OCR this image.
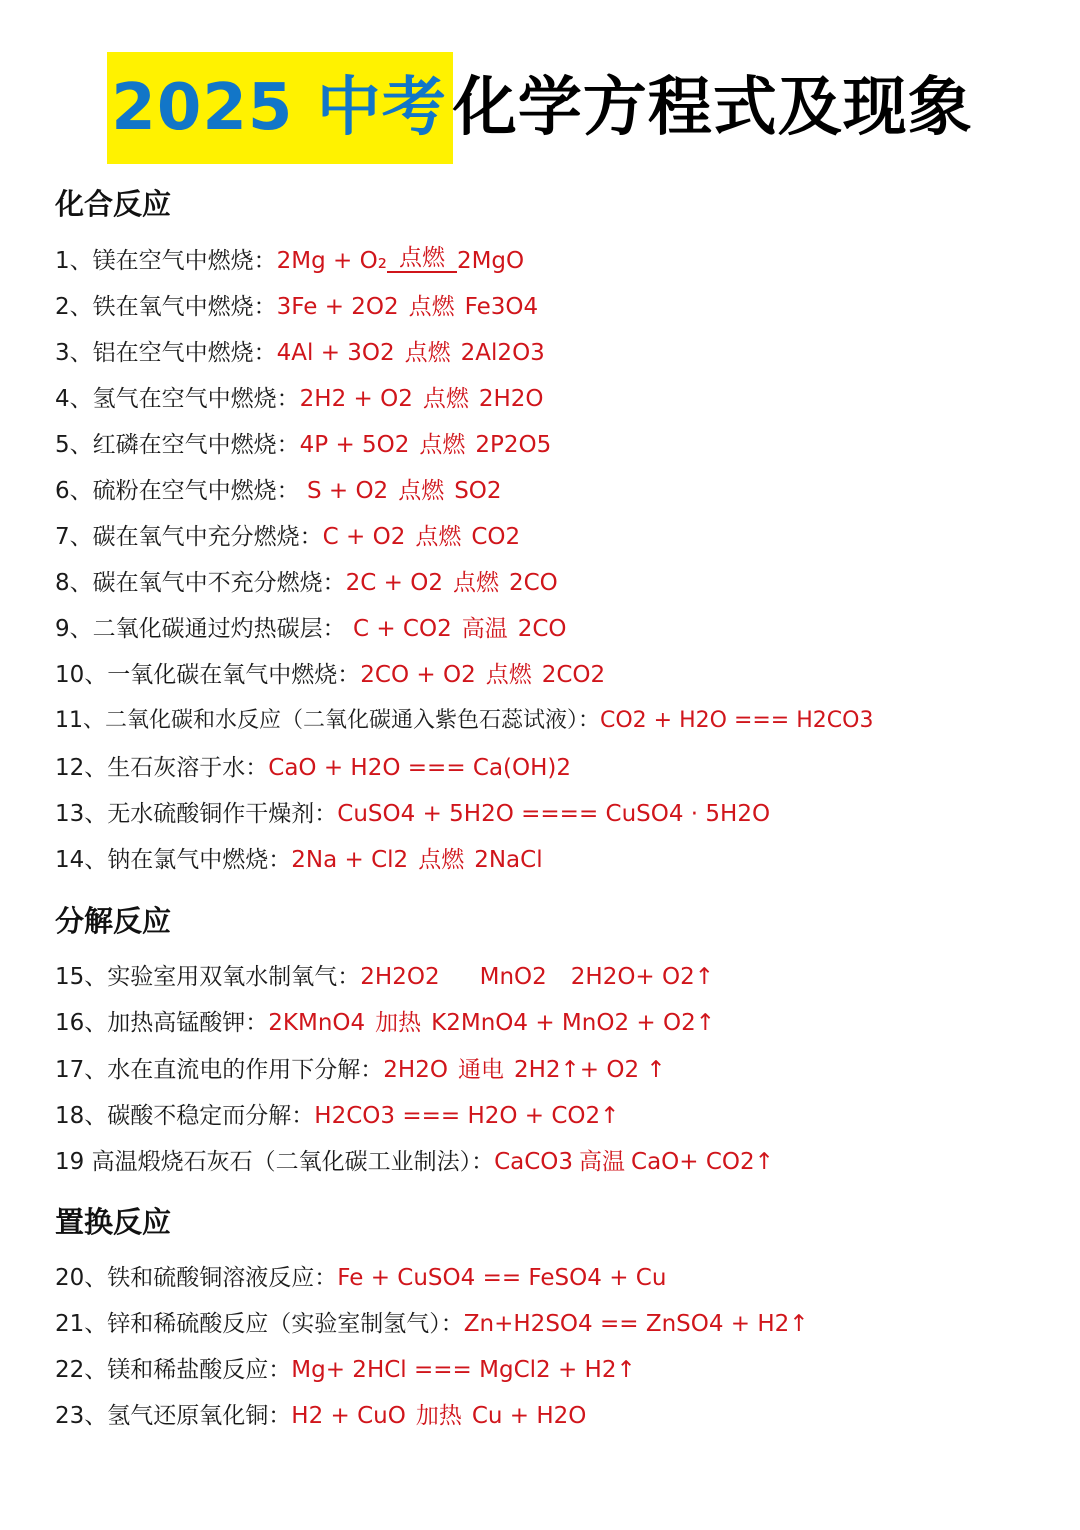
2025 中考化学方程式及现象
化合反应
1、镁在空气中燃烧：2Mg + O₂ 点燃 2MgO
2、铁在氧气中燃烧：3Fe + 2O2 点燃 Fe3O4
3、铝在空气中燃烧：4Al + 3O2 点燃 2Al2O3
4、氢气在空气中燃烧：2H2 + O2 点燃 2H2O
5、红磷在空气中燃烧：4P + 5O2 点燃 2P2O5
6、硫粉在空气中燃烧： S + O2 点燃 SO2
7、碳在氧气中充分燃烧：C + O2 点燃 CO2
8、碳在氧气中不充分燃烧：2C + O2 点燃 2CO
9、二氧化碳通过灼热碳层： C + CO2 高温 2CO
10、一氧化碳在氧气中燃烧：2CO + O2 点燃 2CO2
11、二氧化碳和水反应（二氧化碳通入紫色石蕊试液）：CO2 + H2O === H2CO3
12、生石灰溶于水：CaO + H2O === Ca(OH)2
13、无水硫酸铜作干燥剂：CuSO4 + 5H2O ==== CuSO4 · 5H2O
14、钠在氯气中燃烧：2Na + Cl2 点燃 2NaCl
分解反应
15、实验室用双氧水制氧气：2H2O2 MnO2 2H2O+ O2↑
16、加热高锰酸钾：2KMnO4 加热 K2MnO4 + MnO2 + O2↑
17、水在直流电的作用下分解：2H2O 通电 2H2↑+ O2 ↑
18、碳酸不稳定而分解：H2CO3 === H2O + CO2↑
19 高温煅烧石灰石（二氧化碳工业制法）：CaCO3 高温 CaO+ CO2↑
置换反应
20、铁和硫酸铜溶液反应：Fe + CuSO4 == FeSO4 + Cu
21、锌和稀硫酸反应（实验室制氢气）：Zn+H2SO4 == ZnSO4 + H2↑
22、镁和稀盐酸反应：Mg+ 2HCl === MgCl2 + H2↑
23、氢气还原氧化铜：H2 + CuO 加热 Cu + H2O
